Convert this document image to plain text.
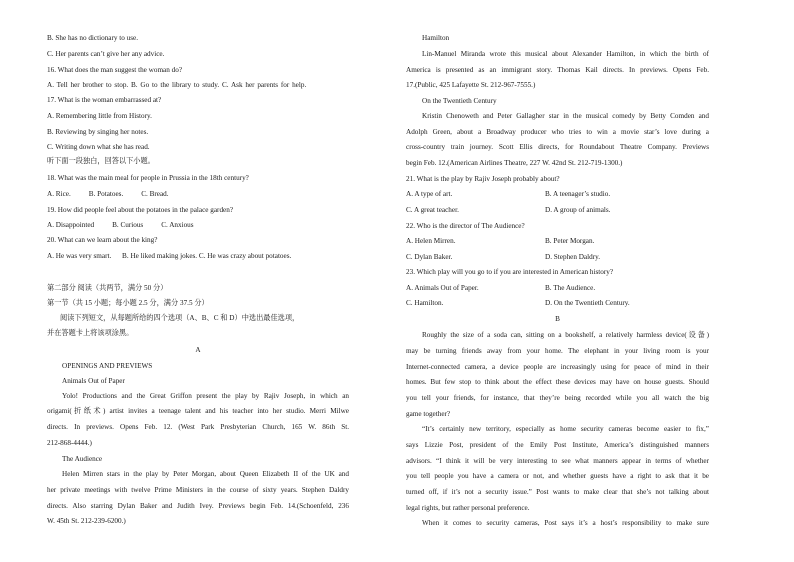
B. She has no dictionary to use.
C. Her parents can’t give her any advice.
16. What does the man suggest the woman do?
A. Tell her brother to stop. B. Go to the library to study. C. Ask her parents for help.
17. What is the woman embarrassed at?
A. Remembering little from History.
B. Reviewing by singing her notes.
C. Writing down what she has read.
听下面一段独白，回答以下小题。
18. What was the main meal for people in Prussia in the 18th century?
A. Rice.          B. Potatoes.          C. Bread.
19. How did people feel about the potatoes in the palace garden?
A. Disappointed          B. Curious          C. Anxious
20. What can we learn about the king?
A. He was very smart.      B. He liked making jokes. C. He was crazy about potatoes.
第二部分 阅读（共两节，满分 50 分）
第一节（共 15 小题；每小题 2.5 分，满分 37.5 分）
阅读下列短文，从每题所给的四个选项（A、B、C 和 D）中选出最佳选项，
并在答题卡上将该项涂黑。
A
OPENINGS AND PREVIEWS
Animals Out of Paper
Yolo! Productions and the Great Griffon present the play by Rajiv Joseph, in which an
origami(折纸术) artist invites a teenage talent and his teacher into her studio. Merri Milwe
directs. In previews. Opens Feb. 12. (West Park Presbyterian Church, 165 W. 86th St.
212-868-4444.)
The Audience
Helen Mirren stars in the play by Peter Morgan, about Queen Elizabeth II of the UK and
her private meetings with twelve Prime Ministers in the course of sixty years. Stephen Daldry
directs. Also starring Dylan Baker and Judith Ivey. Previews begin Feb. 14.(Schoenfeld, 236
W. 45th St. 212-239-6200.)
Hamilton
Lin-Manuel Miranda wrote this musical about Alexander Hamilton, in which the birth of
America is presented as an immigrant story. Thomas Kail directs. In previews. Opens Feb.
17.(Public, 425 Lafayette St. 212-967-7555.)
On the Twentieth Century
Kristin Chenoweth and Peter Gallagher star in the musical comedy by Betty Comden and
Adolph Green, about a Broadway producer who tries to win a movie star’s love during a
cross-country train journey. Scott Ellis directs, for Roundabout Theatre Company. Previews
begin Feb. 12.(American Airlines Theatre, 227 W. 42nd St. 212-719-1300.)
21. What is the play by Rajiv Joseph probably about?
A. A type of art.	B. A teenager’s studio.
C. A great teacher.	D. A group of animals.
22. Who is the director of The Audience?
A. Helen Mirren.	B. Peter Morgan.
C. Dylan Baker.	D. Stephen Daldry.
23. Which play will you go to if you are interested in American history?
A. Animals Out of Paper.	B. The Audience.
C. Hamilton.	D. On the Twentieth Century.
B
Roughly the size of a soda can, sitting on a bookshelf, a relatively harmless device(设备)
may be turning friends away from your home. The elephant in your living room is your
Internet-connected camera, a device people are increasingly using for peace of mind in their
homes. But few stop to think about the effect these devices may have on house guests. Should
you tell your friends, for instance, that they’re being recorded while you all watch the big
game together?
“It’s certainly new territory, especially as home security cameras become easier to fix,”
says Lizzie Post, president of the Emily Post Institute, America’s distinguished manners
advisors. “I think it will be very interesting to see what manners appear in terms of whether
you tell people you have a camera or not, and whether guests have a right to ask that it be
turned off, if it’s not a security issue.” Post wants to make clear that she’s not talking about
legal rights, but rather personal preference.
When it comes to security cameras, Post says it’s a host’s responsibility to make sure
